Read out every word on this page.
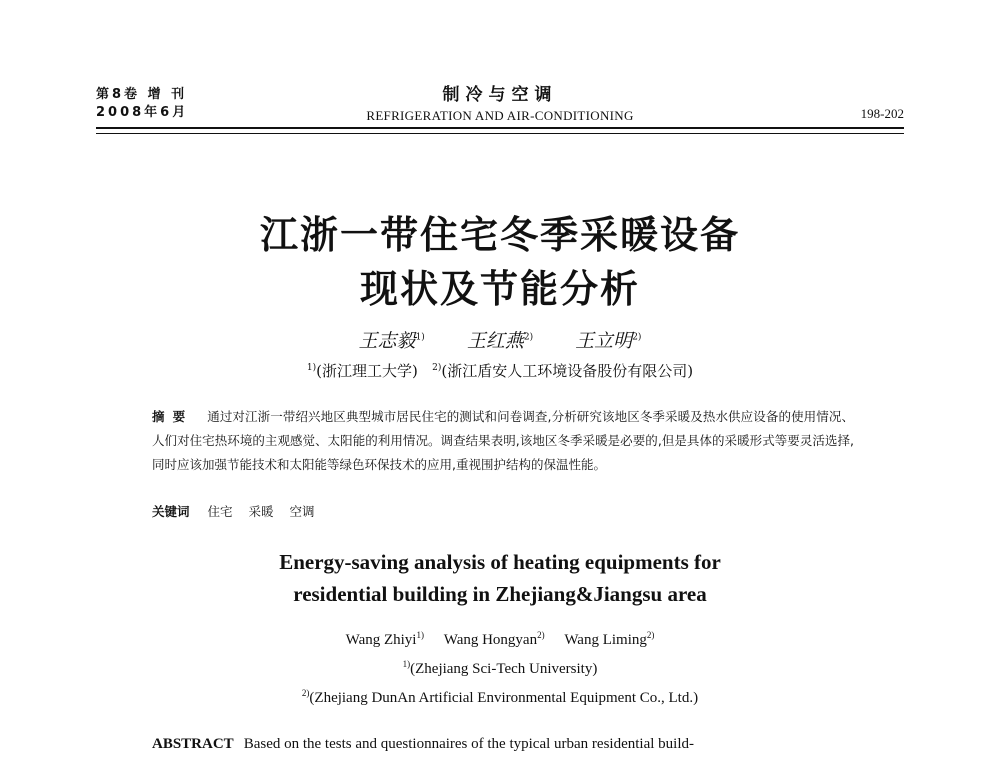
第8卷 增 刊
2008年6月
制冷与空调
REFRIGERATION AND AIR-CONDITIONING	198-202
江浙一带住宅冬季采暖设备
现状及节能分析
王志毅$^{1)}$ 王红燕$^{2)}$ 王立明$^{2)}$
$^{1)}$(浙江理工大学) $^{2)}$(浙江盾安人工环境设备股份有限公司)
摘要 通过对江浙一带绍兴地区典型城市居民住宅的测试和问卷调查,分析研究该地区冬季采暖及热水供应设备的使用情况、人们对住宅热环境的主观感觉、太阳能的利用情况。调查结果表明,该地区冬季采暖是必要的,但是具体的采暖形式等要灵活选择,同时应该加强节能技术和太阳能等绿色环保技术的应用,重视围护结构的保温性能。
关键词 住宅 采暖 空调
Energy-saving analysis of heating equipments for
residential building in Zhejiang&Jiangsu area
Wang Zhiyi$^{1)}$ Wang Hongyan$^{2)}$ Wang Liming$^{2)}$
$^{1)}$(Zhejiang Sci-Tech University)
$^{2)}$(Zhejiang DunAn Artificial Environmental Equipment Co., Ltd.)
ABSTRACT Based on the tests and questionnaires of the typical urban residential build-
